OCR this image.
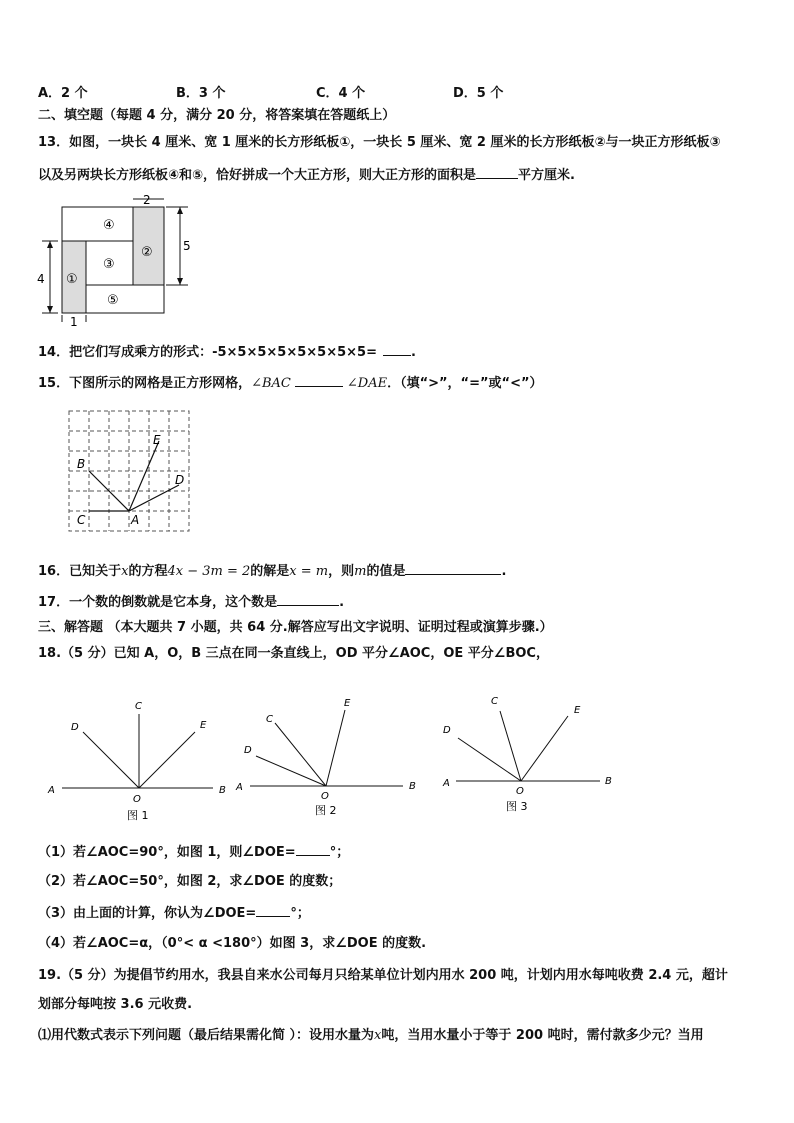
A．2 个	B．3 个	C．4 个	D．5 个
二、填空题（每题 4 分，满分 20 分，将答案填在答题纸上）
13．如图，一块长 4 厘米、宽 1 厘米的长方形纸板①，一块长 5 厘米、宽 2 厘米的长方形纸板②与一块正方形纸板③
以及另两块长方形纸板④和⑤，恰好拼成一个大正方形，则大正方形的面积是	平方厘米.
2
5
4
1
①
②
③
④
⑤
14．把它们写成乘方的形式：-5×5×5×5×5×5×5×5=	.
15．下图所示的网格是正方形网格，∠BAC	∠DAE．（填“>”，“=”或“<”）
A
B
C
D
E
16．已知关于x的方程4x − 3m = 2的解是x = m，则m的值是	.
17．一个数的倒数就是它本身，这个数是	.
三、解答题 （本大题共 7 小题，共 64 分.解答应写出文字说明、证明过程或演算步骤.）
18.（5 分）已知 A，O，B 三点在同一条直线上，OD 平分∠AOC，OE 平分∠BOC，
A	B
O
C
D	E
图 1
A	B
O
C
D
E
图 2
A	B
O
C
D
E
图 3
（1）若∠AOC=90°，如图 1，则∠DOE=	°；
（2）若∠AOC=50°，如图 2，求∠DOE 的度数；
（3）由上面的计算，你认为∠DOE=	°；
（4）若∠AOC=α，（0°< α <180°）如图 3，求∠DOE 的度数.
19.（5 分）为提倡节约用水，我县自来水公司每月只给某单位计划内用水 200 吨，计划内用水每吨收费 2.4 元，超计
划部分每吨按 3.6 元收费.
⑴用代数式表示下列问题（最后结果需化简 ）：设用水量为x吨，当用水量小于等于 200 吨时，需付款多少元？当用
